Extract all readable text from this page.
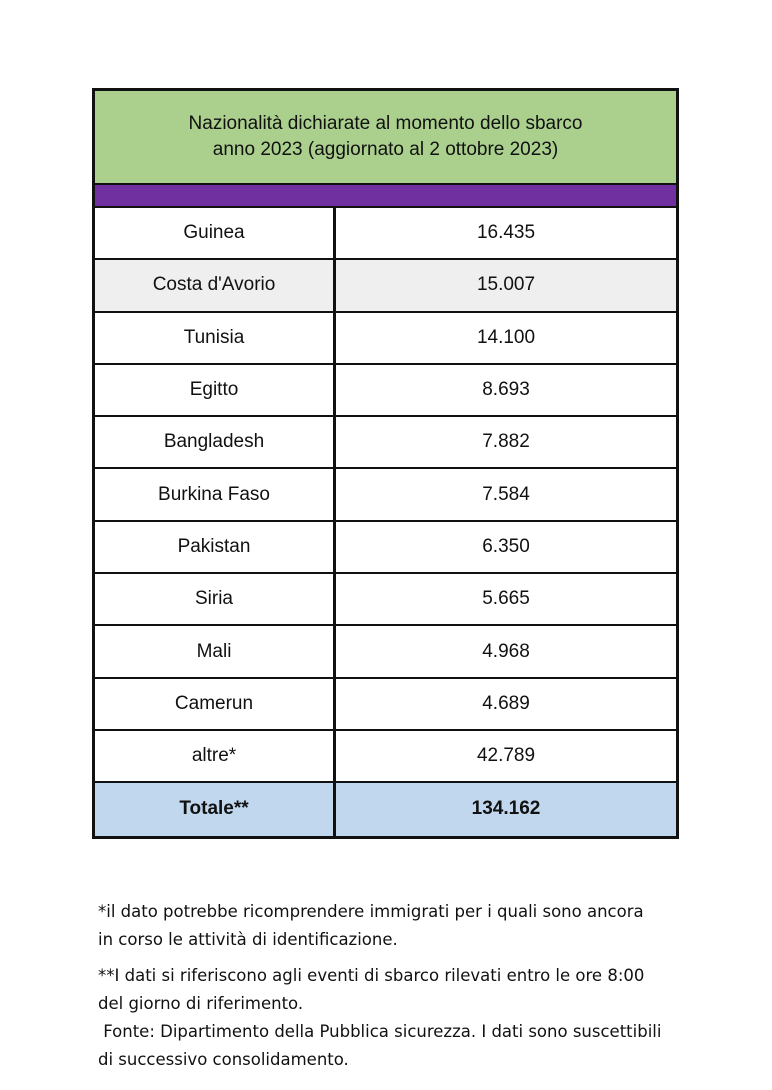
Nazionalità dichiarate al momento dello sbarco
anno 2023 (aggiornato al 2 ottobre 2023)
Guinea	16.435
Costa d'Avorio	15.007
Tunisia	14.100
Egitto	8.693
Bangladesh	7.882
Burkina Faso	7.584
Pakistan	6.350
Siria	5.665
Mali	4.968
Camerun	4.689
altre*	42.789
Totale**	134.162

*il dato potrebbe ricomprendere immigrati per i quali sono ancora

in corso le attività di identificazione.

**I dati si riferiscono agli eventi di sbarco rilevati entro le ore 8:00

del giorno di riferimento.

Fonte: Dipartimento della Pubblica sicurezza. I dati sono suscettibili

di successivo consolidamento.
